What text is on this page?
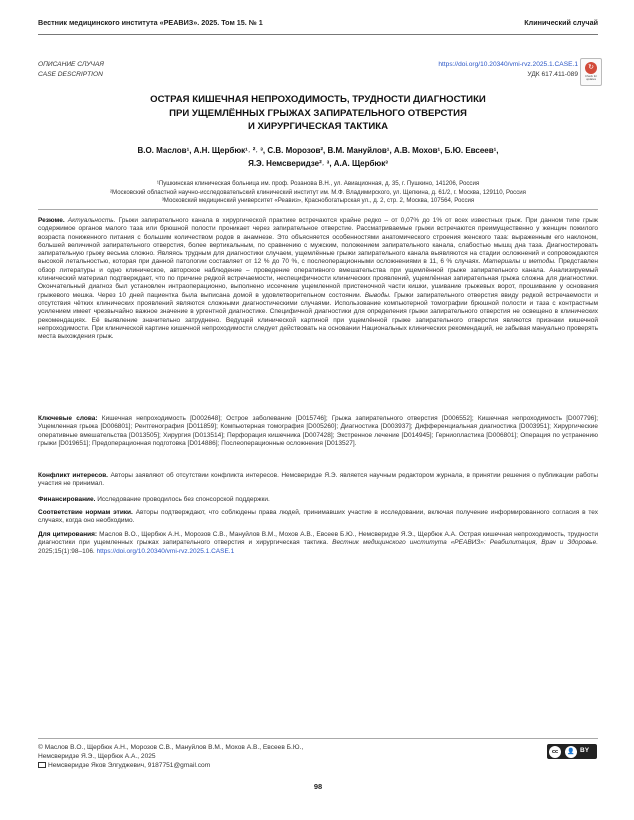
Вестник медицинского института «РЕАВИЗ». 2025. Том 15. № 1	Клинический случай
ОПИСАНИЕ СЛУЧАЯ
CASE DESCRIPTION
https://doi.org/10.20340/vmi-rvz.2025.1.CASE.1
УДК 617.411-089
↻
Check for updates
ОСТРАЯ КИШЕЧНАЯ НЕПРОХОДИМОСТЬ, ТРУДНОСТИ ДИАГНОСТИКИ
ПРИ УЩЕМЛЁННЫХ ГРЫЖАХ ЗАПИРАТЕЛЬНОГО ОТВЕРСТИЯ
И ХИРУРГИЧЕСКАЯ ТАКТИКА
В.О. Маслов¹, А.Н. Щербюк¹˒ ²˒ ³, С.В. Морозов², В.М. Мануйлов¹, А.В. Мохов¹, Б.Ю. Евсеев¹,
Я.Э. Немсверидзе²˒ ³, А.А. Щербюк³
¹Пушкинская клиническая больница им. проф. Розанова В.Н., ул. Авиационная, д. 35, г. Пушкино, 141206, Россия
²Московский областной научно-исследовательский клинический институт им. М.Ф. Владимирского, ул. Щепкина, д. 61/2, г. Москва, 129110, Россия
³Московский медицинский университет «Реавиз», Краснобогатырская ул., д. 2, стр. 2, Москва, 107564, Россия
Резюме. Актуальность. Грыжи запирательного канала в хирургической практике встречаются крайне редко – от 0,07% до 1% от всех известных грыж. При данном типе грыж содержимое органов малого таза или брюшной полости проникает через запирательное отверстие. Рассматриваемые грыжи встречаются преимущественно у женщин пожилого возраста пониженного питания с большим количеством родов в анамнезе. Это объясняется особенностями анатомического строения женского таза: выраженным его наклоном, большей величиной запирательного отверстия, более вертикальным, по сравнению с мужским, положением запирательного канала, слабостью мышц дна таза. Диагностировать запирательную грыжу весьма сложно. Являясь трудным для диагностики случаем, ущемлённые грыжи запирательного канала выявляются на стадии осложнений и сопровождаются высокой летальностью, которая при данной патологии составляет от 12 % до 70 %, с послеоперационными осложнениями в 11, 6 % случаях. Материалы и методы. Представлен обзор литературы и одно клиническое, авторское наблюдение – проведение оперативного вмешательства при ущемлённой грыже запирательного канала. Анализируемый клинический материал подтверждает, что по причине редкой встречаемости, неспецифичности клинических проявлений, ущемлённая запирательная грыжа сложна для диагностики. Окончательный диагноз был установлен интраоперационно, выполнено иссечение ущемленной пристеночной части кишки, ушивание грыжевых ворот, прошивание у основания грыжевого мешка. Через 10 дней пациентка была выписана домой в удовлетворительном состоянии. Выводы. Грыжи запирательного отверстия ввиду редкой встречаемости и отсутствия чётких клинических проявлений являются сложными диагностическими случаями. Использование компьютерной томографии брюшной полости и таза с контрастным усилением имеет чрезвычайно важное значение в ургентной диагностике. Специфичной диагностики для определения грыжи запирательного отверстия не освещено в клинических рекомендациях. Её выявление значительно затруднено. Ведущей клинической картиной при ущемлённой грыже запирательного отверстия являются признаки кишечной непроходимости. При клинической картине кишечной непроходимости следует действовать на основании Национальных клинических рекомендаций, не забывая мануально проверять места выхождения грыж.
Ключевые слова: Кишечная непроходимость [D002648]; Острое заболевание [D015746]; Грыжа запирательного отверстия [D006552]; Кишечная непроходимость [D007796]; Ущемленная грыжа [D006801]; Рентгенография [D011859]; Компьютерная томография [D005260]; Диагностика [D003937]; Дифференциальная диагностика [D003951]; Хирургические оперативные вмешательства [D013505]; Хирургия [D013514]; Перфорация кишечника [D007428]; Экстренное лечение [D014945]; Герниопластика [D006801]; Операция по устранению грыжи [D019651]; Предоперационная подготовка [D014886]; Послеоперационные осложнения [D013527].
Конфликт интересов. Авторы заявляют об отсутствии конфликта интересов. Немсверидзе Я.Э. является научным редактором журнала, в принятии решения о публикации работы участия не принимал.
Финансирование. Исследование проводилось без спонсорской поддержки.
Соответствие нормам этики. Авторы подтверждают, что соблюдены права людей, принимавших участие в исследовании, включая получение информированного согласия в тех случаях, когда оно необходимо.
Для цитирования: Маслов В.О., Щербюк А.Н., Морозов С.В., Мануйлов В.М., Мохов А.В., Евсеев Б.Ю., Немсверидзе Я.Э., Щербюк А.А. Острая кишечная непроходимость, трудности диагностики при ущемленных грыжах запирательного отверстия и хирургическая тактика. Вестник медицинского института «РЕАВИЗ»: Реабилитация, Врач и Здоровье. 2025;15(1):98–106. https://doi.org/10.20340/vmi-rvz.2025.1.CASE.1
© Маслов В.О., Щербюк А.Н., Морозов С.В., Мануйлов В.М., Мохов А.В., Евсеев Б.Ю.,
Немсверидзе Я.Э., Щербюк А.А., 2025
Немсверидзе Яков Элгуджевич, 9187751@gmail.com
cc	👤 BY
98
